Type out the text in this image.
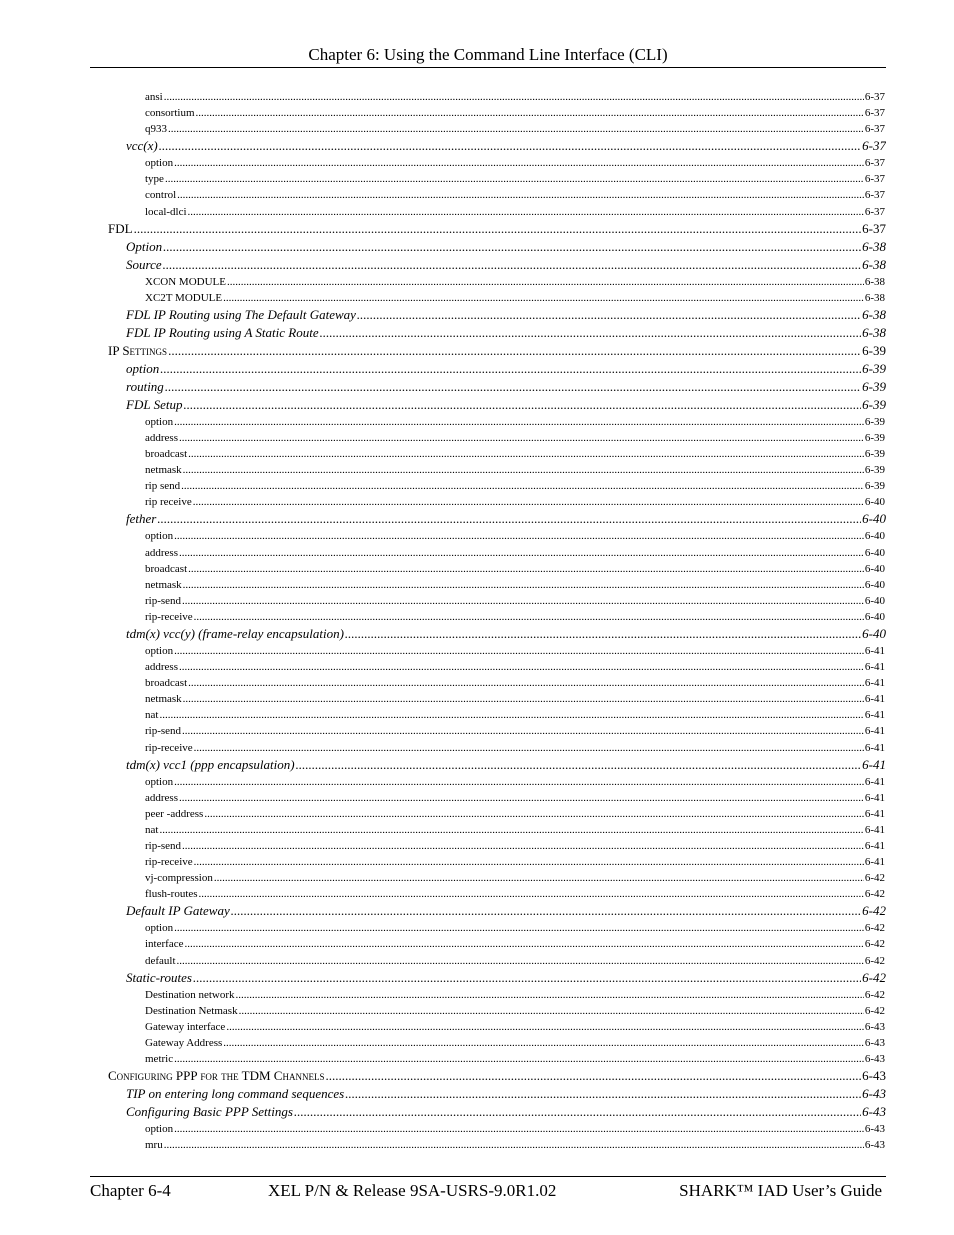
Chapter 6: Using the Command Line Interface (CLI)
ansi .....	6-37
consortium .....	6-37
q933 .....	6-37
vcc(x) .....	6-37
option .....	6-37
type .....	6-37
control .....	6-37
local-dlci .....	6-37
FDL .....	6-37
Option .....	6-38
Source .....	6-38
XCON MODULE .....	6-38
XC2T MODULE .....	6-38
FDL IP Routing using The Default Gateway .....	6-38
FDL IP Routing using A Static Route .....	6-38
IP Settings .....	6-39
option .....	6-39
routing .....	6-39
FDL Setup .....	6-39
option .....	6-39
address .....	6-39
broadcast .....	6-39
netmask .....	6-39
rip send .....	6-39
rip receive .....	6-40
fether .....	6-40
option .....	6-40
address .....	6-40
broadcast .....	6-40
netmask .....	6-40
rip-send .....	6-40
rip-receive .....	6-40
tdm(x) vcc(y) (frame-relay encapsulation) .....	6-40
option .....	6-41
address .....	6-41
broadcast .....	6-41
netmask .....	6-41
nat .....	6-41
rip-send .....	6-41
rip-receive .....	6-41
tdm(x) vcc1 (ppp encapsulation) .....	6-41
option .....	6-41
address .....	6-41
peer -address .....	6-41
nat .....	6-41
rip-send .....	6-41
rip-receive .....	6-41
vj-compression .....	6-42
flush-routes .....	6-42
Default IP Gateway .....	6-42
option .....	6-42
interface .....	6-42
default .....	6-42
Static-routes .....	6-42
Destination network .....	6-42
Destination Netmask .....	6-42
Gateway interface .....	6-43
Gateway Address .....	6-43
metric .....	6-43
Configuring PPP for the TDM Channels .....	6-43
TIP on entering long command sequences .....	6-43
Configuring Basic PPP Settings .....	6-43
option .....	6-43
mru .....	6-43
Chapter 6-4	XEL P/N & Release 9SA-USRS-9.0R1.02	SHARK™ IAD User’s Guide
